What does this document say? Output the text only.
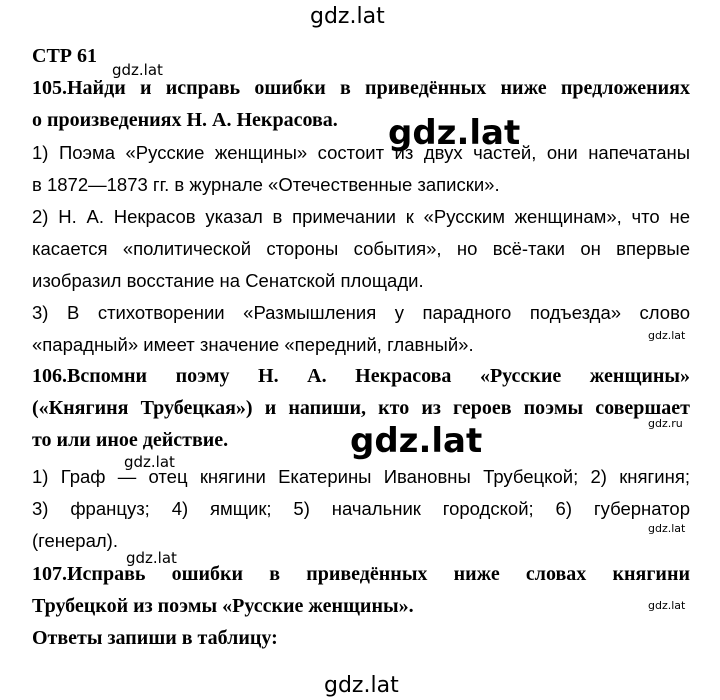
gdz.lat
СТР 61
105.Найди и исправь ошибки в приведённых ниже предложениях
о произведениях Н. А. Некрасова.
1) Поэма «Русские женщины» состоит из двух частей, они напечатаны
в 1872—1873 гг. в журнале «Отечественные записки».
2) Н. А. Некрасов указал в примечании к «Русским женщинам», что не
касается «политической стороны события», но всё-таки он впервые
изобразил восстание на Сенатской площади.
3) В стихотворении «Размышления у парадного подъезда» слово
«парадный» имеет значение «передний, главный».
106.Вспомни поэму Н. А. Некрасова «Русские женщины»
(«Княгиня Трубецкая») и напиши, кто из героев поэмы совершает
то или иное действие.
1) Граф — отец княгини Екатерины Ивановны Трубецкой; 2) княгиня;
3) француз; 4) ямщик; 5) начальник городской; 6) губернатор
(генерал).
107.Исправь ошибки в приведённых ниже словах княгини
Трубецкой из поэмы «Русские женщины».
Ответы запиши в таблицу:
gdz.lat
gdz.lat
gdz.lat
gdz.lat
gdz.lat
gdz.lat
gdz.ru
gdz.lat
gdz.lat
gdz.lat
